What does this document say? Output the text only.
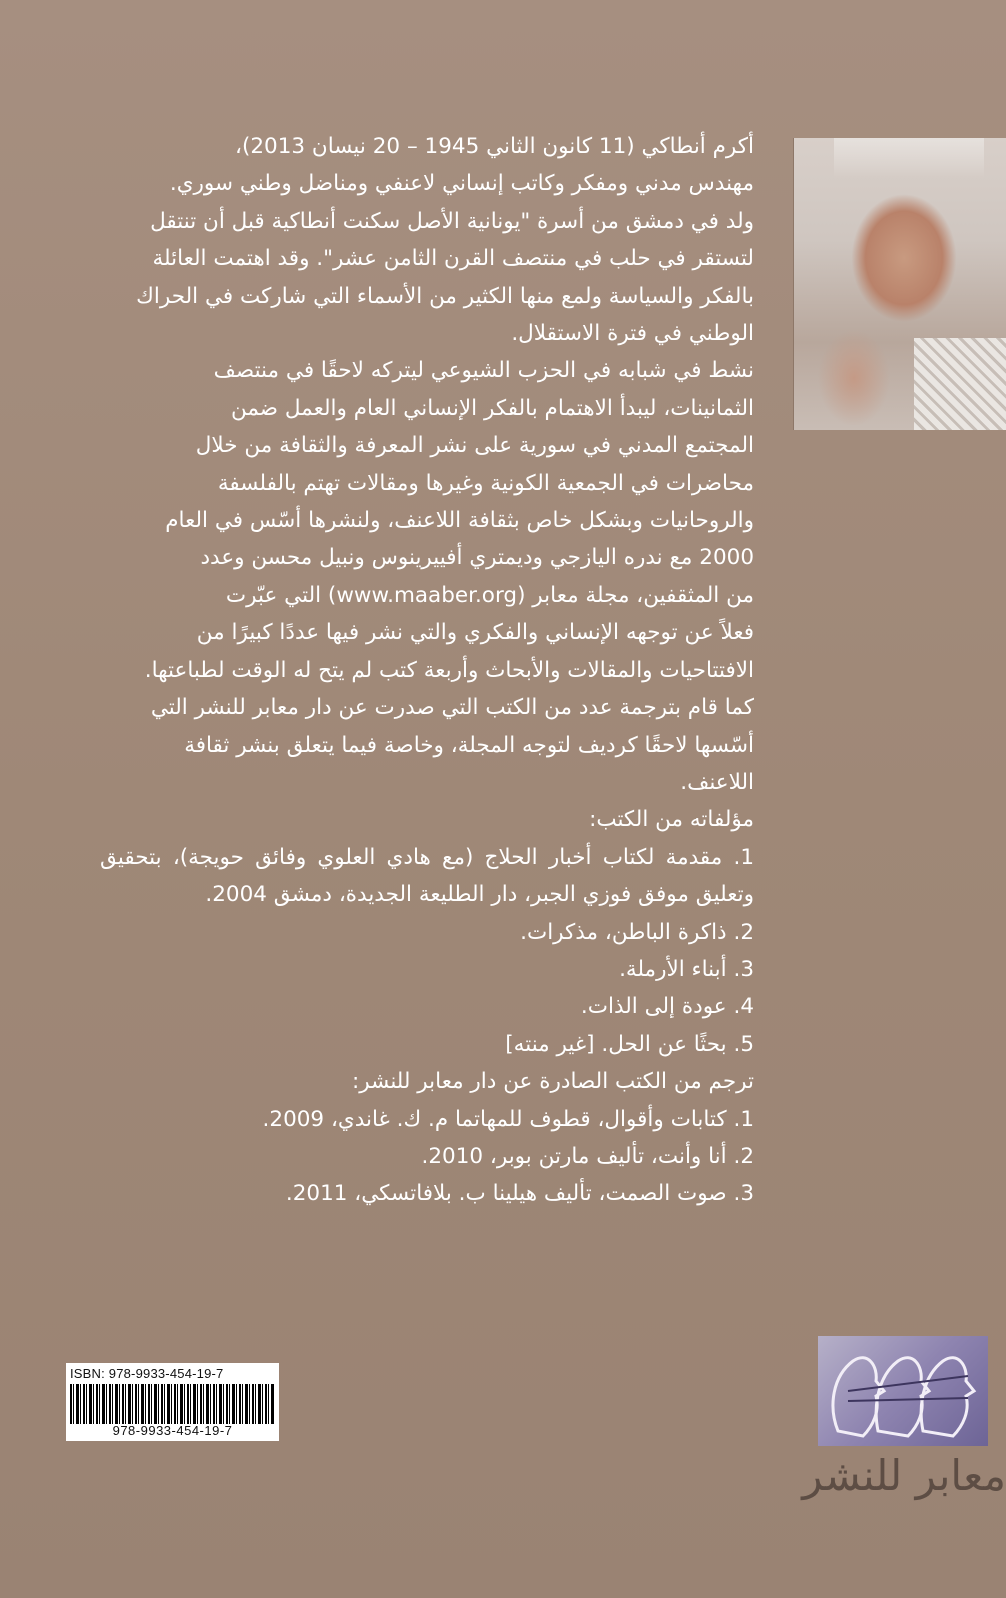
أكرم أنطاكي (11 كانون الثاني 1945 – 20 نيسان 2013)،
مهندس مدني ومفكر وكاتب إنساني لاعنفي ومناضل وطني سوري.
ولد في دمشق من أسرة "يونانية الأصل سكنت أنطاكية قبل أن تنتقل
لتستقر في حلب في منتصف القرن الثامن عشر". وقد اهتمت العائلة
بالفكر والسياسة ولمع منها الكثير من الأسماء التي شاركت في الحراك
الوطني في فترة الاستقلال.

نشط في شبابه في الحزب الشيوعي ليتركه لاحقًا في منتصف
الثمانينات، ليبدأ الاهتمام بالفكر الإنساني العام والعمل ضمن
المجتمع المدني في سورية على نشر المعرفة والثقافة من خلال
محاضرات في الجمعية الكونية وغيرها ومقالات تهتم بالفلسفة
والروحانيات وبشكل خاص بثقافة اللاعنف، ولنشرها أسّس في العام
2000 مع ندره اليازجي وديمتري أفييرينوس ونبيل محسن وعدد
من المثقفين، مجلة معابر (www.maaber.org) التي عبّرت
فعلاً عن توجهه الإنساني والفكري والتي نشر فيها عددًا كبيرًا من
الافتتاحيات والمقالات والأبحاث وأربعة كتب لم يتح له الوقت لطباعتها.

كما قام بترجمة عدد من الكتب التي صدرت عن دار معابر للنشر التي
أسّسها لاحقًا كرديف لتوجه المجلة، وخاصة فيما يتعلق بنشر ثقافة
اللاعنف.

مؤلفاته من الكتب:

1. مقدمة لكتاب أخبار الحلاج (مع هادي العلوي وفائق حويجة)، بتحقيق وتعليق موفق فوزي الجبر، دار الطليعة الجديدة، دمشق 2004.
2. ذاكرة الباطن، مذكرات.
3. أبناء الأرملة.
4. عودة إلى الذات.
5. بحثًا عن الحل. [غير منته]

ترجم من الكتب الصادرة عن دار معابر للنشر:

1. كتابات وأقوال، قطوف للمهاتما م. ك. غاندي، 2009.
2. أنا وأنت، تأليف مارتن بوبر، 2010.
3. صوت الصمت، تأليف هيلينا ب. بلافاتسكي، 2011.

ISBN: 978-9933-454-19-7
978-9933-454-19-7
معابر للنشر
